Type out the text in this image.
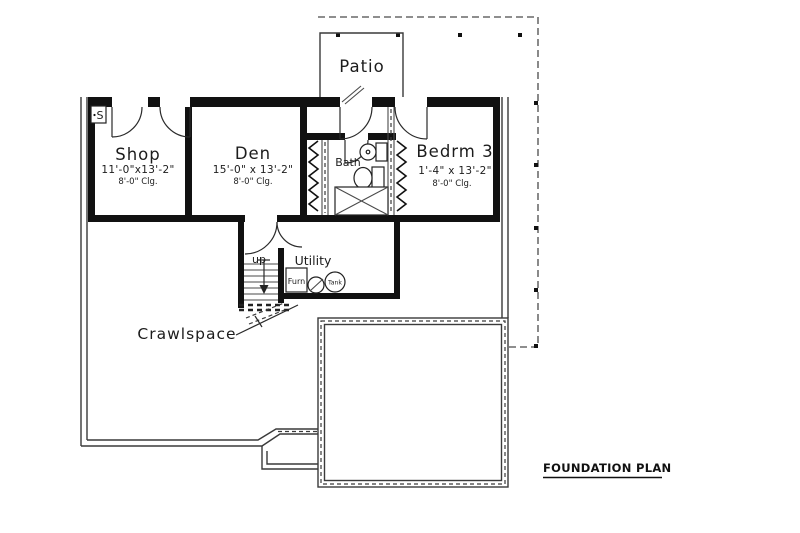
Furn	Tank
S
Patio
Shop
11'-0"x13'-2"
8'-0" Clg.
Den
15'-0" x 13'-2"
8'-0" Clg.
Bath
Bedrm 3
1'-4" x 13'-2"
8'-0" Clg.
up Utility
Crawlspace
FOUNDATION PLAN
